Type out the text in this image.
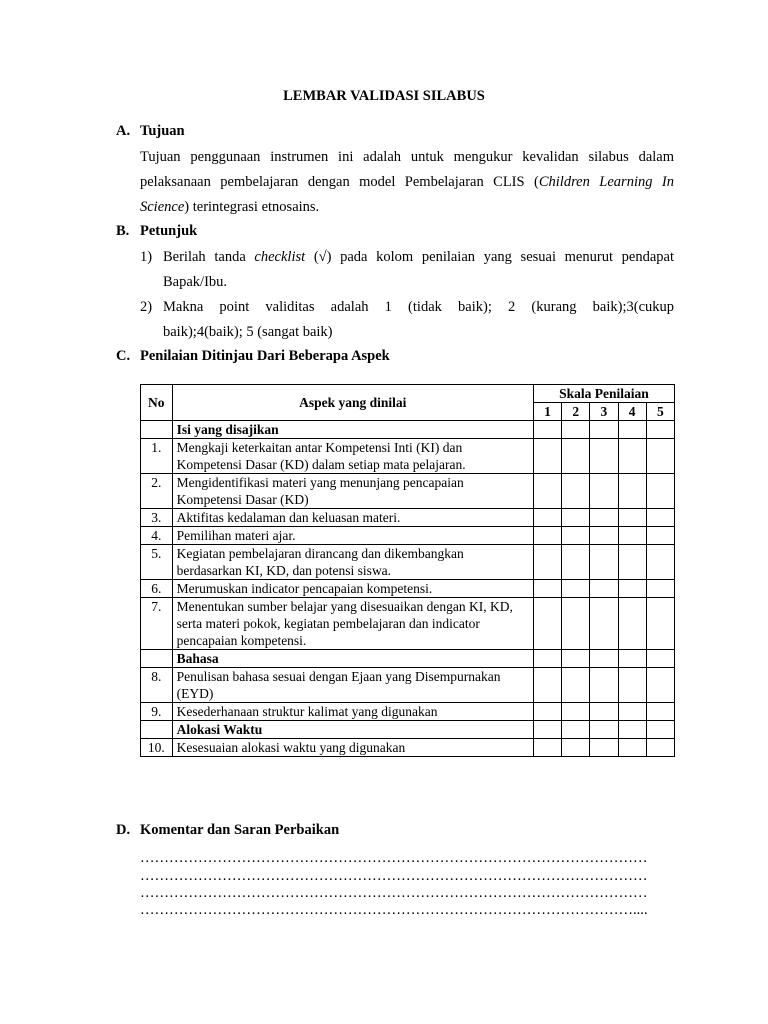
LEMBAR VALIDASI SILABUS
A. Tujuan
Tujuan penggunaan instrumen ini adalah untuk mengukur kevalidan silabus dalam pelaksanaan pembelajaran dengan model Pembelajaran CLIS (Children Learning In Science) terintegrasi etnosains.
B. Petunjuk
1) Berilah tanda checklist (√) pada kolom penilaian yang sesuai menurut pendapat Bapak/Ibu.
2) Makna point validitas adalah 1 (tidak baik); 2 (kurang baik);3(cukup
baik);4(baik); 5 (sangat baik)
C. Penilaian Ditinjau Dari Beberapa Aspek
No	Aspek yang dinilai	Skala Penilaian				
		1	2	3	4	5
	Isi yang disajikan					
1.	Mengkaji keterkaitan antar Kompetensi Inti (KI) dan Kompetensi Dasar (KD) dalam setiap mata pelajaran.					
2.	Mengidentifikasi materi yang menunjang pencapaian Kompetensi Dasar (KD)					
3.	Aktifitas kedalaman dan keluasan materi.					
4.	Pemilihan materi ajar.					
5.	Kegiatan pembelajaran dirancang dan dikembangkan berdasarkan KI, KD, dan potensi siswa.					
6.	Merumuskan indicator pencapaian kompetensi.					
7.	Menentukan sumber belajar yang disesuaikan dengan KI, KD, serta materi pokok, kegiatan pembelajaran dan indicator pencapaian kompetensi.					
	Bahasa					
8.	Penulisan bahasa sesuai dengan Ejaan yang Disempurnakan (EYD)					
9.	Kesederhanaan struktur kalimat yang digunakan					
	Alokasi Waktu					
10.	Kesesuaian alokasi waktu yang digunakan					
D. Komentar dan Saran Perbaikan
……………………………………………………………………………………………
……………………………………………………………………………………………
……………………………………………………………………………………………
…………………………………………………………………………………………....
